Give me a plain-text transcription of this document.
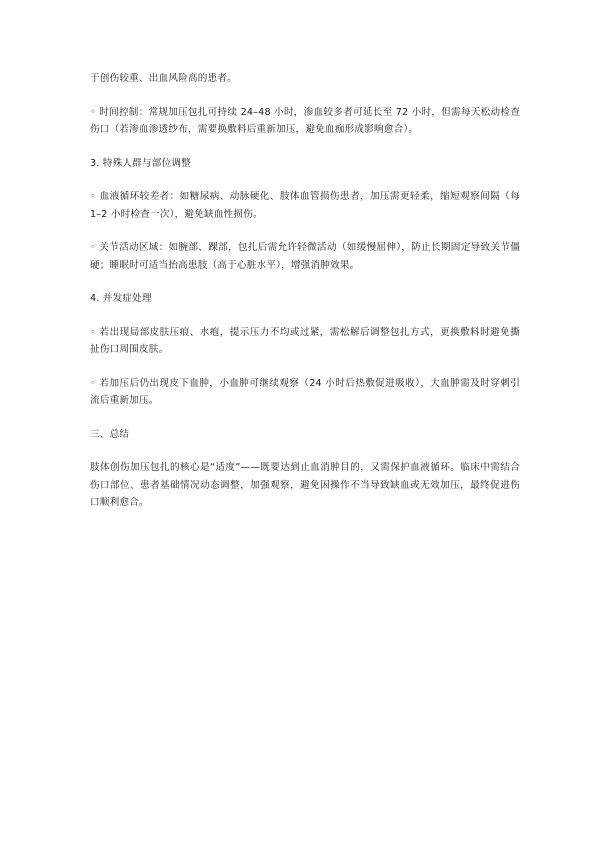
于创伤较重、出血风险高的患者。

◦ 时间控制：常规加压包扎可持续 24–48 小时，渗血较多者可延长至 72 小时，但需每天松动检查伤口（若渗血渗透纱布，需要换敷料后重新加压，避免血痂形成影响愈合）。

3. 特殊人群与部位调整

◦ 血液循环较差者：如糖尿病、动脉硬化、肢体血管损伤患者，加压需更轻柔，缩短观察间隔（每 1–2 小时检查一次），避免缺血性损伤。

◦ 关节活动区域：如腕部、踝部，包扎后需允许轻微活动（如缓慢屈伸），防止长期固定导致关节僵硬；睡眠时可适当抬高患肢（高于心脏水平），增强消肿效果。

4. 并发症处理

◦ 若出现局部皮肤压痕、水疱，提示压力不均或过紧，需松解后调整包扎方式，更换敷料时避免撕扯伤口周围皮肤。

◦ 若加压后仍出现皮下血肿，小血肿可继续观察（24 小时后热敷促进吸收），大血肿需及时穿刺引流后重新加压。

三、总结

肢体创伤加压包扎的核心是“适度”——既要达到止血消肿目的，又需保护血液循环。临床中需结合伤口部位、患者基础情况动态调整，加强观察，避免因操作不当导致缺血或无效加压，最终促进伤口顺利愈合。
